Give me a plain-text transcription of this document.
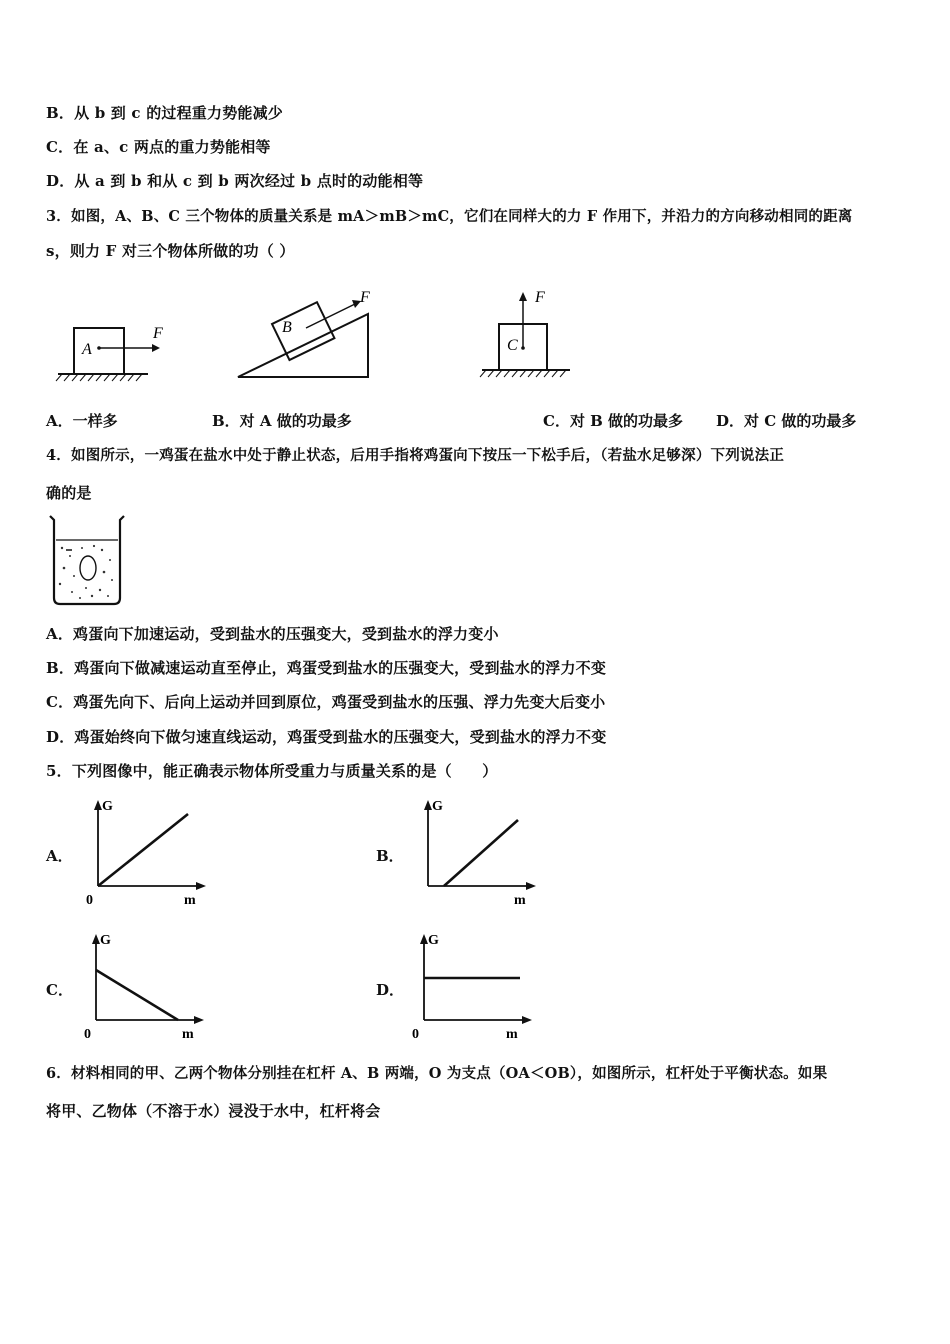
B．从 b 到 c 的过程重力势能减少
C．在 a、c 两点的重力势能相等
D．从 a 到 b 和从 c 到 b 两次经过 b 点时的动能相等
3．如图，A、B、C 三个物体的质量关系是 mA＞mB＞mC，它们在同样大的力 F 作用下，并沿力的方向移动相同的距离
s，则力 F 对三个物体所做的功（ ）
A
F	B
F
C
F
A．一样多	B．对 A 做的功最多	C．对 B 做的功最多 D．对 C 做的功最多
4．如图所示，一鸡蛋在盐水中处于静止状态，后用手指将鸡蛋向下按压一下松手后，（若盐水足够深）下列说法正
确的是
A．鸡蛋向下加速运动，受到盐水的压强变大，受到盐水的浮力变小
B．鸡蛋向下做减速运动直至停止，鸡蛋受到盐水的压强变大，受到盐水的浮力不变
C．鸡蛋先向下、后向上运动并回到原位，鸡蛋受到盐水的压强、浮力先变大后变小
D．鸡蛋始终向下做匀速直线运动，鸡蛋受到盐水的压强变大，受到盐水的浮力不变
5．下列图像中，能正确表示物体所受重力与质量关系的是（　　）
A．	B．
C．	D．
G
m
0
G
m
G
m
0
G
m
0
6．材料相同的甲、乙两个物体分别挂在杠杆 A、B 两端，O 为支点（OA＜OB），如图所示，杠杆处于平衡状态。如果
将甲、乙物体（不溶于水）浸没于水中，杠杆将会
